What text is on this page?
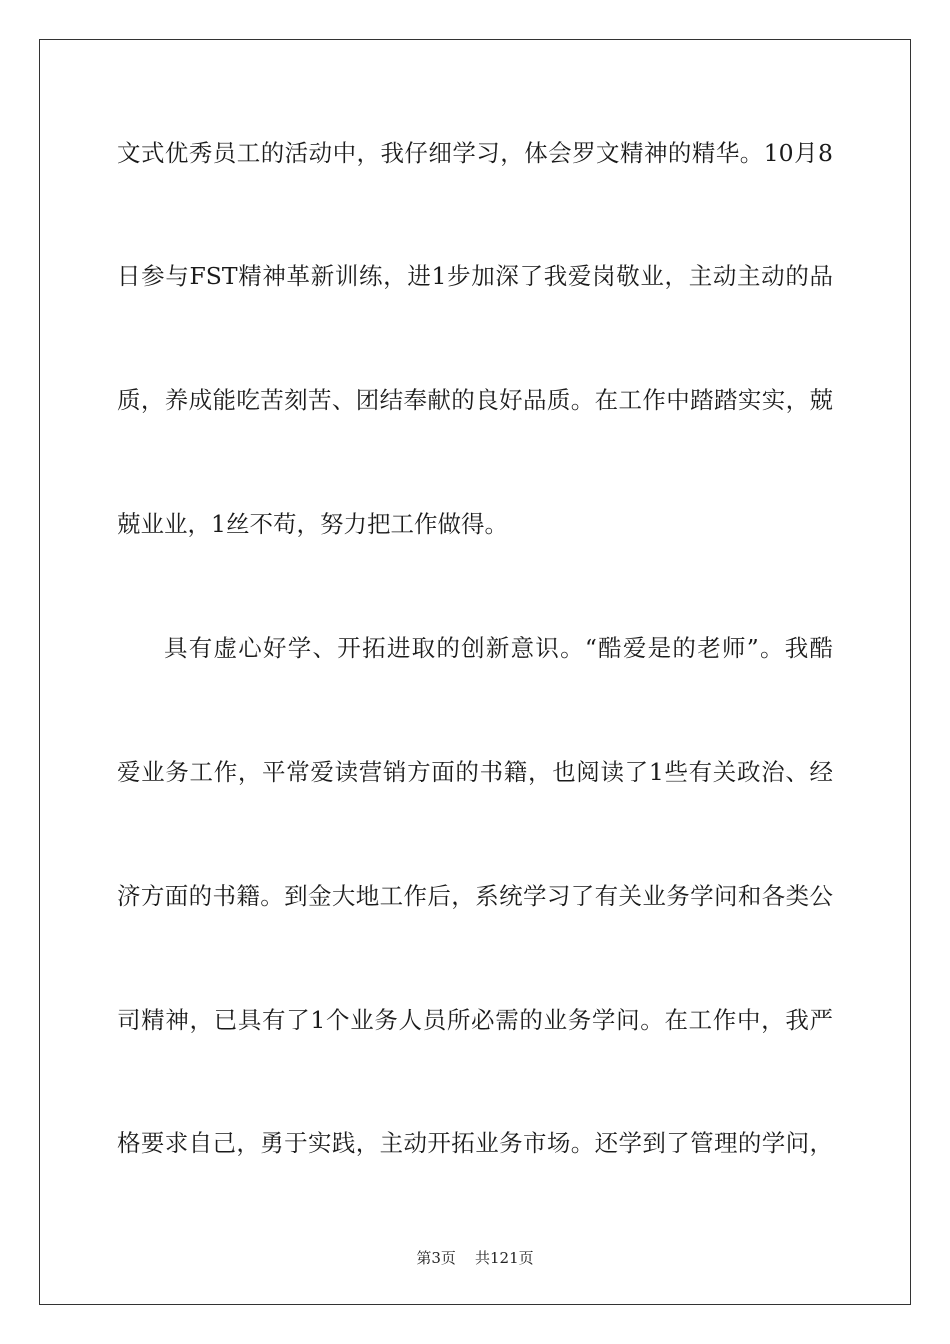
文式优秀员工的活动中，我仔细学习，体会罗文精神的精华。10月8
日参与FST精神革新训练，进1步加深了我爱岗敬业，主动主动的品
质，养成能吃苦刻苦、团结奉献的良好品质。在工作中踏踏实实，兢
兢业业，1丝不苟，努力把工作做得。
具有虚心好学、开拓进取的创新意识。“酷爱是的老师”。我酷
爱业务工作，平常爱读营销方面的书籍，也阅读了1些有关政治、经
济方面的书籍。到金大地工作后，系统学习了有关业务学问和各类公
司精神，已具有了1个业务人员所必需的业务学问。在工作中，我严
格要求自己，勇于实践，主动开拓业务市场。还学到了管理的学问，
第3页 共121页
